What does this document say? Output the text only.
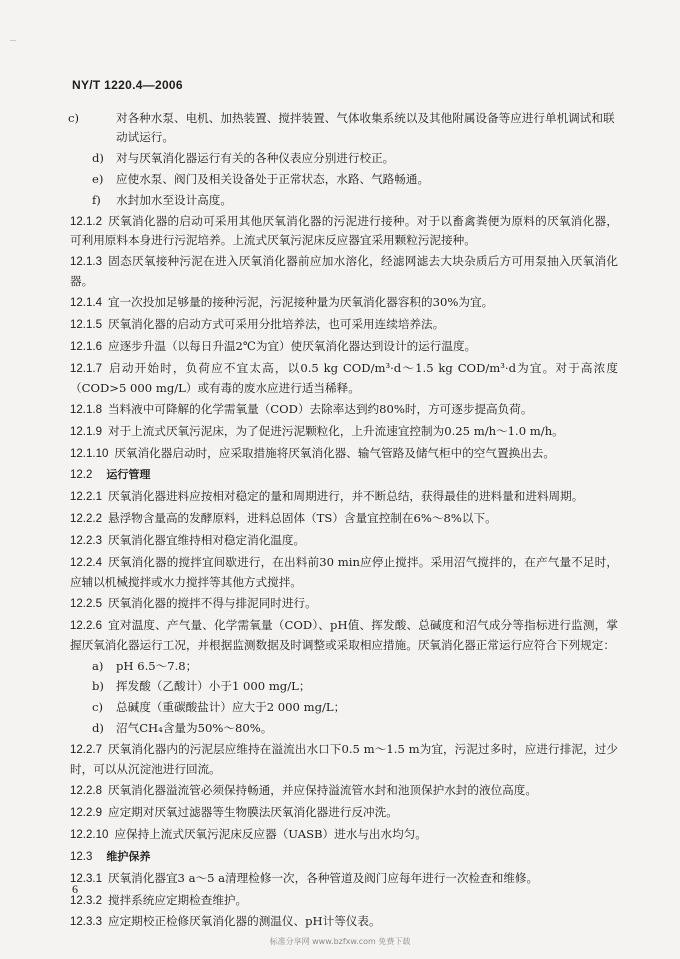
NY/T 1220.4—2006
c)	对各种水泵、电机、加热装置、搅拌装置、气体收集系统以及其他附属设备等应进行单机调试和联动试运行。
d) 对与厌氧消化器运行有关的各种仪表应分别进行校正。
e) 应使水泵、阀门及相关设备处于正常状态，水路、气路畅通。
f) 水封加水至设计高度。
12.1.2 厌氧消化器的启动可采用其他厌氧消化器的污泥进行接种。对于以畜禽粪便为原料的厌氧消化器，可利用原料本身进行污泥培养。上流式厌氧污泥床反应器宜采用颗粒污泥接种。
12.1.3 固态厌氧接种污泥在进入厌氧消化器前应加水溶化，经滤网滤去大块杂质后方可用泵抽入厌氧消化器。
12.1.4 宜一次投加足够量的接种污泥，污泥接种量为厌氧消化器容积的30%为宜。
12.1.5 厌氧消化器的启动方式可采用分批培养法，也可采用连续培养法。
12.1.6 应逐步升温（以每日升温2℃为宜）使厌氧消化器达到设计的运行温度。
12.1.7 启动开始时，负荷应不宜太高，以0.5 kg COD/m³·d～1.5 kg COD/m³·d为宜。对于高浓度（COD>5 000 mg/L）或有毒的废水应进行适当稀释。
12.1.8 当料液中可降解的化学需氧量（COD）去除率达到约80%时，方可逐步提高负荷。
12.1.9 对于上流式厌氧污泥床，为了促进污泥颗粒化，上升流速宜控制为0.25 m/h～1.0 m/h。
12.1.10 厌氧消化器启动时，应采取措施将厌氧消化器、输气管路及储气柜中的空气置换出去。
12.2 运行管理
12.2.1 厌氧消化器进料应按相对稳定的量和周期进行，并不断总结，获得最佳的进料量和进料周期。
12.2.2 悬浮物含量高的发酵原料，进料总固体（TS）含量宜控制在6%～8%以下。
12.2.3 厌氧消化器宜维持相对稳定消化温度。
12.2.4 厌氧消化器的搅拌宜间歇进行，在出料前30 min应停止搅拌。采用沼气搅拌的，在产气量不足时，应辅以机械搅拌或水力搅拌等其他方式搅拌。
12.2.5 厌氧消化器的搅拌不得与排泥同时进行。
12.2.6 宜对温度、产气量、化学需氧量（COD）、pH值、挥发酸、总碱度和沼气成分等指标进行监测，掌握厌氧消化器运行工况，并根据监测数据及时调整或采取相应措施。厌氧消化器正常运行应符合下列规定：
a) pH 6.5～7.8；
b) 挥发酸（乙酸计）小于1 000 mg/L；
c) 总碱度（重碳酸盐计）应大于2 000 mg/L；
d) 沼气CH₄含量为50%～80%。
12.2.7 厌氧消化器内的污泥层应维持在溢流出水口下0.5 m～1.5 m为宜，污泥过多时，应进行排泥，过少时，可以从沉淀池进行回流。
12.2.8 厌氧消化器溢流管必须保持畅通，并应保持溢流管水封和池顶保护水封的液位高度。
12.2.9 应定期对厌氧过滤器等生物膜法厌氧消化器进行反冲洗。
12.2.10 应保持上流式厌氧污泥床反应器（UASB）进水与出水均匀。
12.3 维护保养
12.3.1 厌氧消化器宜3 a～5 a清理检修一次，各种管道及阀门应每年进行一次检查和维修。
12.3.2 搅拌系统应定期检查维护。
12.3.3 应定期校正检修厌氧消化器的测温仪、pH计等仪表。
6
标准分享网 www.bzfxw.com 免费下载
